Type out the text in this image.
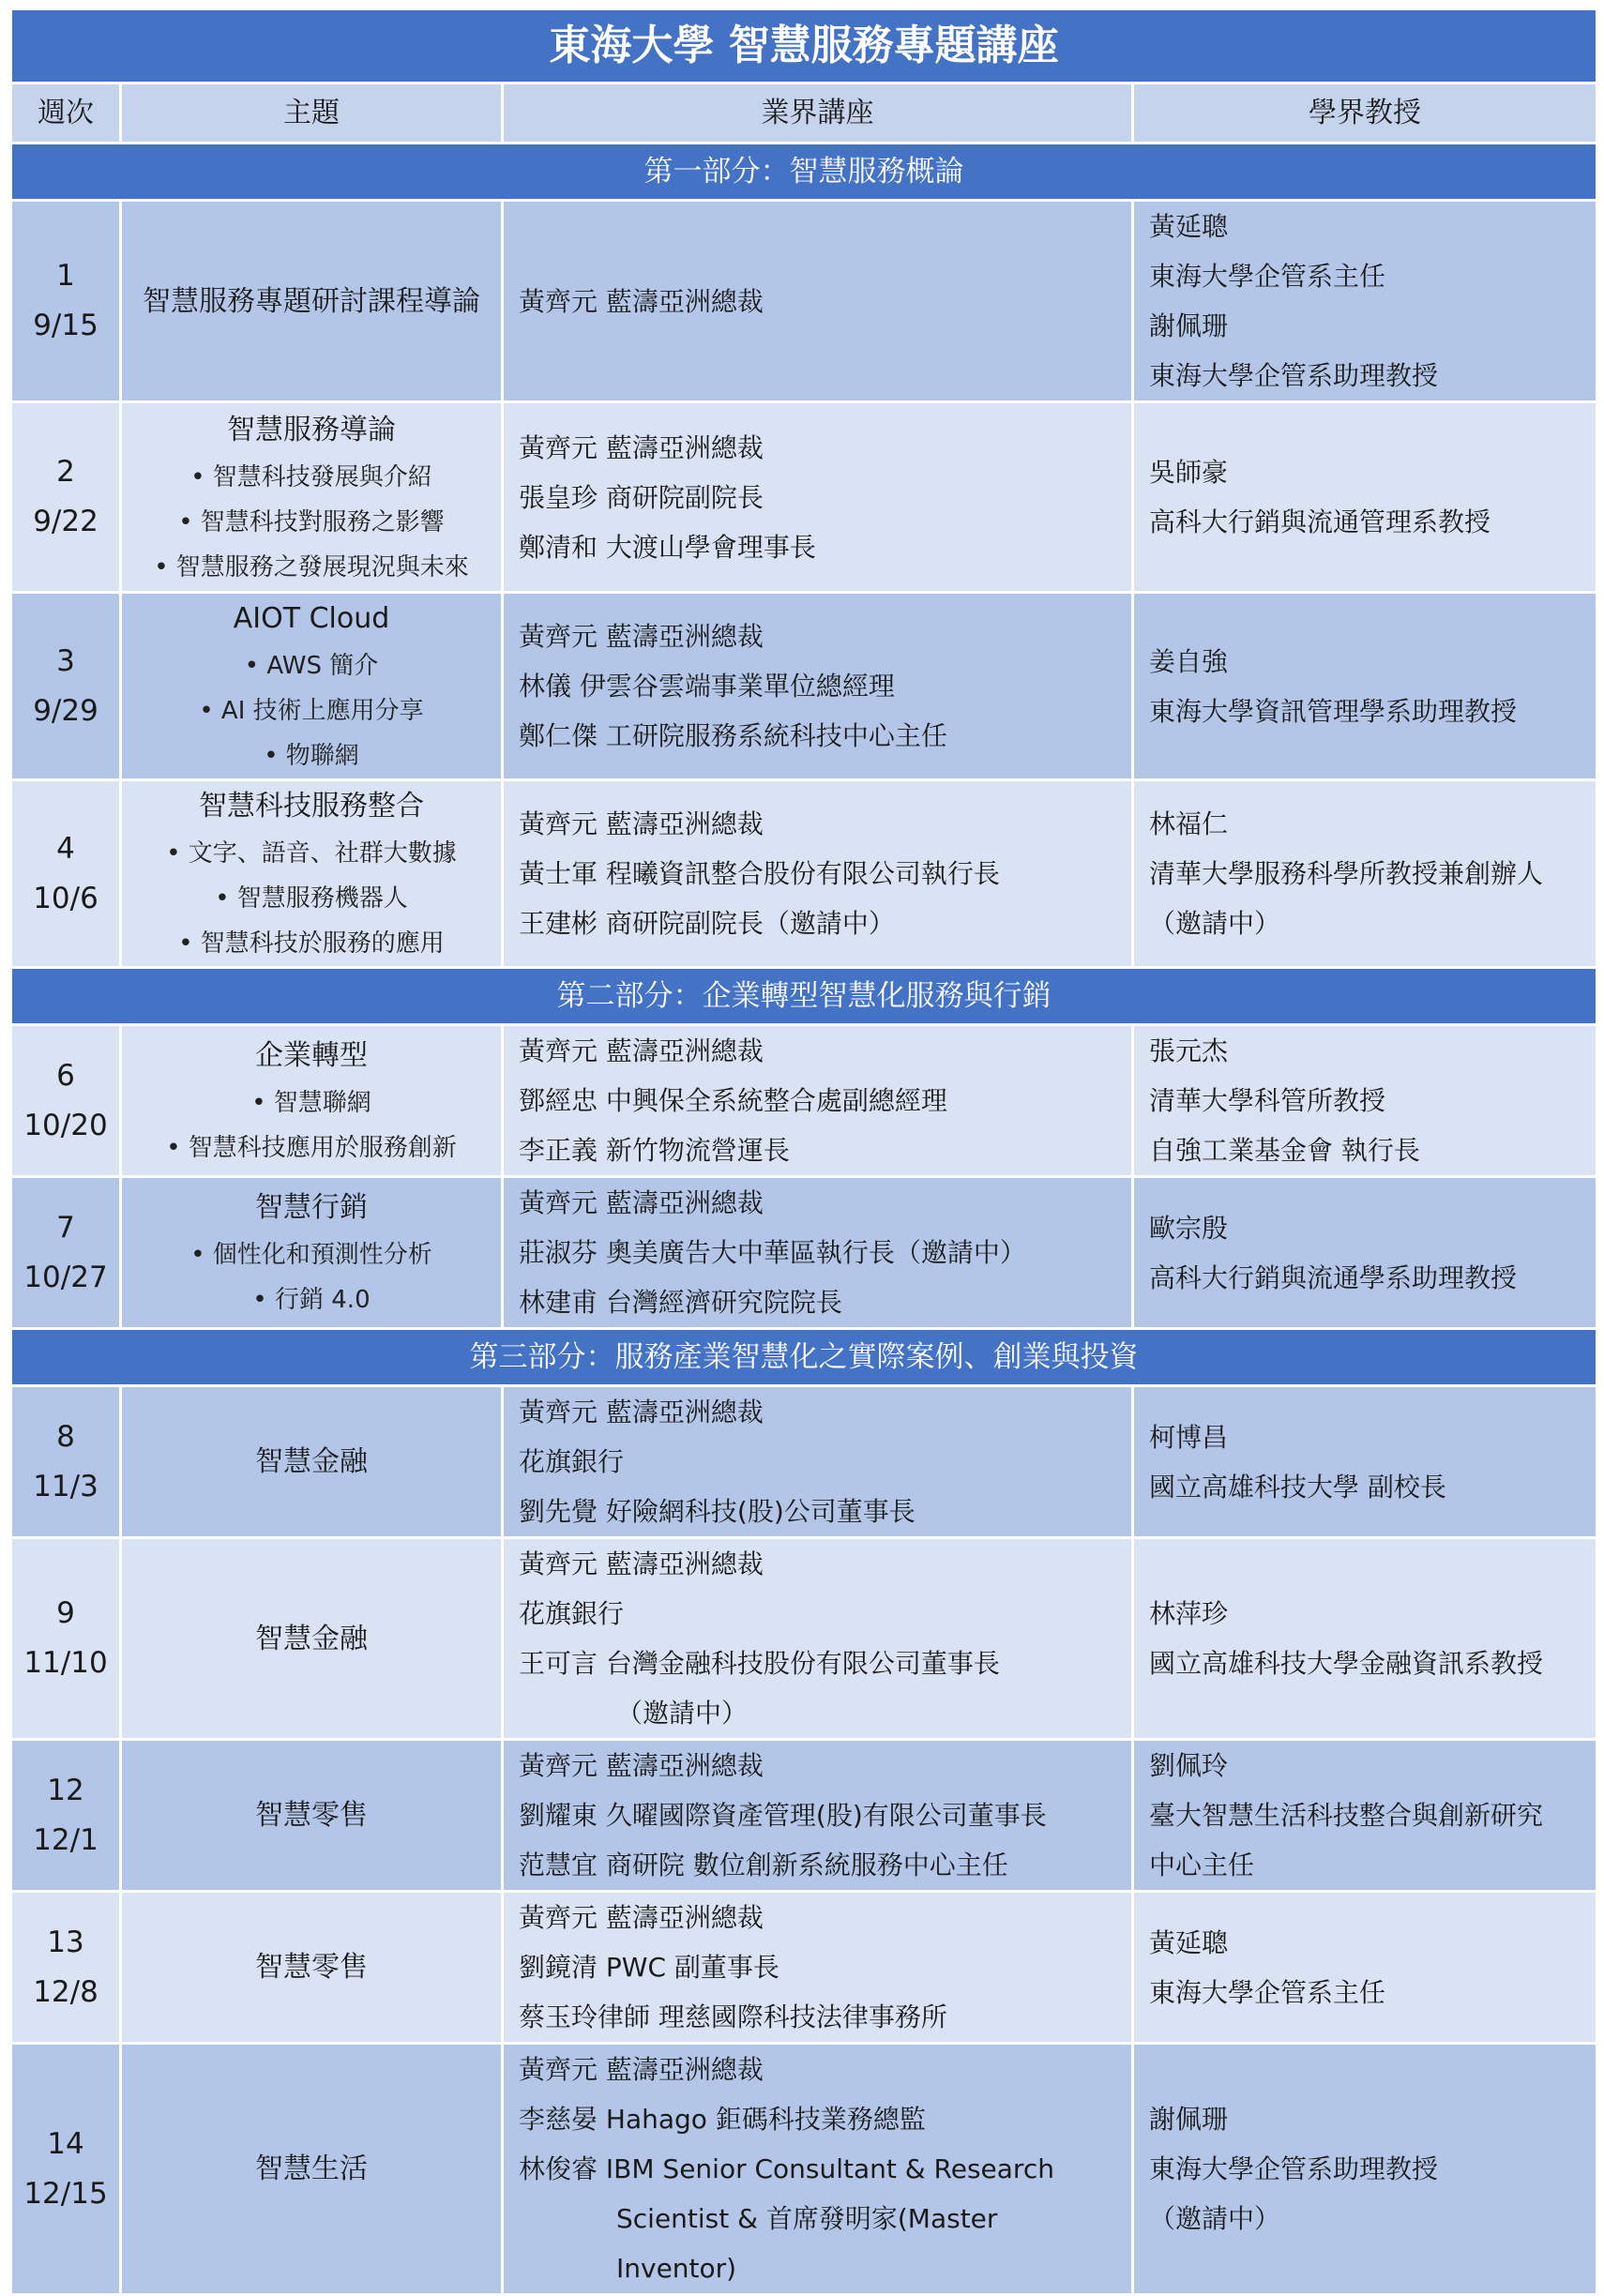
東海大學 智慧服務專題講座			
週次	主題	業界講座	學界教授
第一部分：智慧服務概論			

1
9/15	智慧服務專題研討課程導論	黃齊元 藍濤亞洲總裁	黃延聰
東海大學企管系主任
謝佩珊
東海大學企管系助理教授

2
9/22	智慧服務導論
• 智慧科技發展與介紹
• 智慧科技對服務之影響
• 智慧服務之發展現況與未來	黃齊元 藍濤亞洲總裁
張皇珍 商研院副院長
鄭清和 大渡山學會理事長	吳師豪
高科大行銷與流通管理系教授

3
9/29	AIOT Cloud
• AWS 簡介
• AI 技術上應用分享
• 物聯網	黃齊元 藍濤亞洲總裁
林儀 伊雲谷雲端事業單位總經理
鄭仁傑 工研院服務系統科技中心主任	姜自強
東海大學資訊管理學系助理教授

4
10/6	智慧科技服務整合
• 文字、語音、社群大數據
• 智慧服務機器人
• 智慧科技於服務的應用	黃齊元 藍濤亞洲總裁
黃士軍 程曦資訊整合股份有限公司執行長
王建彬 商研院副院長（邀請中）	林福仁
清華大學服務科學所教授兼創辦人
（邀請中）

第二部分：企業轉型智慧化服務與行銷			

6
10/20	企業轉型
• 智慧聯網
• 智慧科技應用於服務創新	黃齊元 藍濤亞洲總裁
鄧經忠 中興保全系統整合處副總經理
李正義 新竹物流營運長	張元杰
清華大學科管所教授
自強工業基金會 執行長

7
10/27	智慧行銷
• 個性化和預測性分析
• 行銷 4.0	黃齊元 藍濤亞洲總裁
莊淑芬 奧美廣告大中華區執行長（邀請中）
林建甫 台灣經濟研究院院長	歐宗殷
高科大行銷與流通學系助理教授

第三部分：服務產業智慧化之實際案例、創業與投資			

8
11/3	智慧金融	黃齊元 藍濤亞洲總裁
花旗銀行
劉先覺 好險網科技(股)公司董事長	柯博昌
國立高雄科技大學 副校長

9
11/10	智慧金融	黃齊元 藍濤亞洲總裁
花旗銀行
王可言 台灣金融科技股份有限公司董事長
（邀請中）	林萍珍
國立高雄科技大學金融資訊系教授

12
12/1	智慧零售	黃齊元 藍濤亞洲總裁
劉耀東 久曜國際資產管理(股)有限公司董事長
范慧宜 商研院 數位創新系統服務中心主任	劉佩玲
臺大智慧生活科技整合與創新研究
中心主任

13
12/8	智慧零售	黃齊元 藍濤亞洲總裁
劉鏡清 PWC 副董事長
蔡玉玲律師 理慈國際科技法律事務所	黃延聰
東海大學企管系主任

14
12/15	智慧生活	黃齊元 藍濤亞洲總裁
李慈晏 Hahago 鉅碼科技業務總監
林俊睿 IBM Senior Consultant & Research
Scientist & 首席發明家(Master
Inventor)	謝佩珊
東海大學企管系助理教授
（邀請中）
